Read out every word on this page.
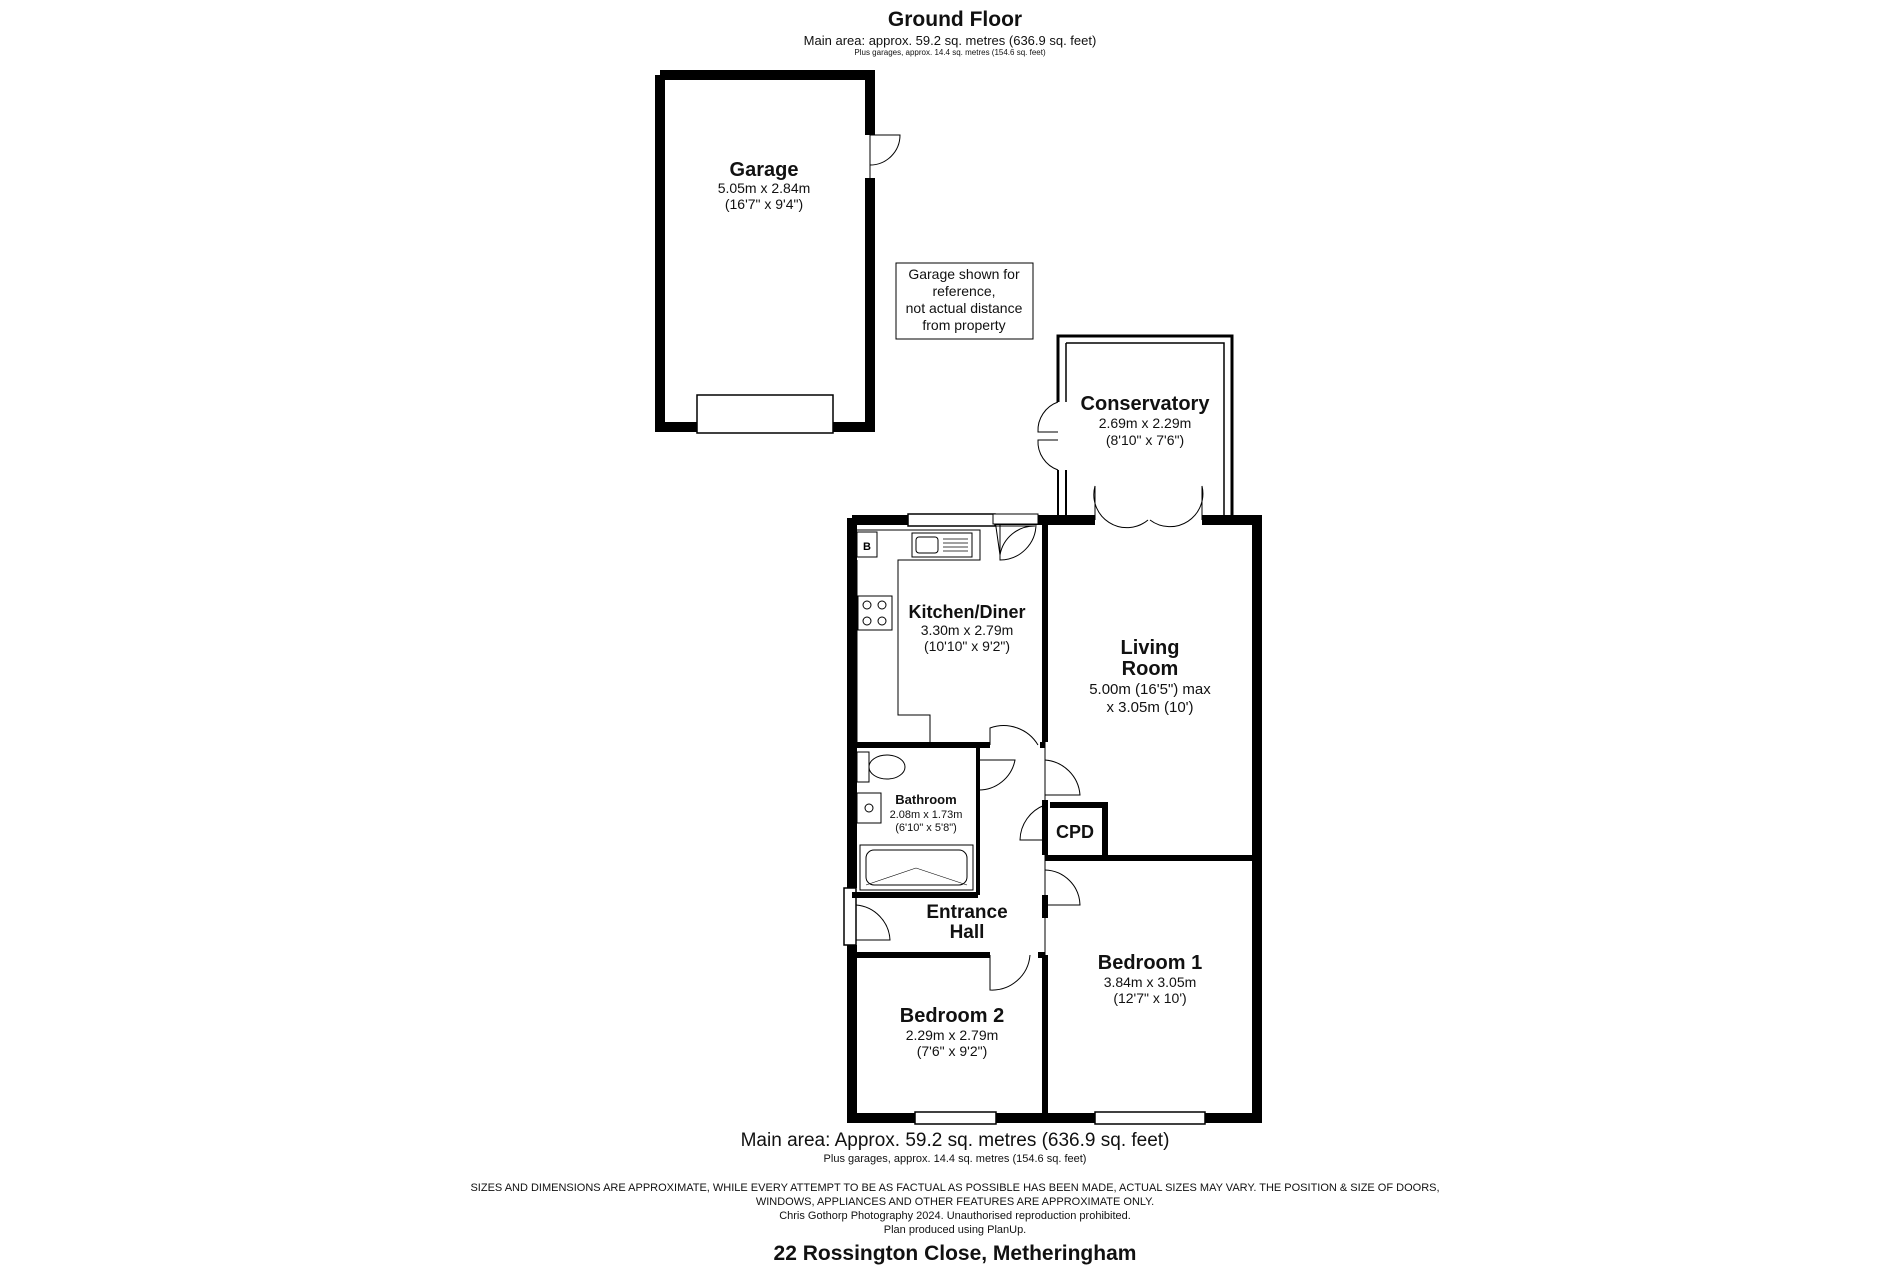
Ground Floor
Main area: approx. 59.2 sq. metres (636.9 sq. feet)
Plus garages, approx. 14.4 sq. metres (154.6 sq. feet)
Garage
5.05m x 2.84m
(16'7" x 9'4")
Garage shown for
reference,
not actual distance
from property
Conservatory
2.69m x 2.29m
(8'10" x 7'6")
B
Kitchen/Diner
3.30m x 2.79m
(10'10" x 9'2")	Living
Room
5.00m (16'5") max
x 3.05m (10')
Bathroom
2.08m x 1.73m
(6'10" x 5'8")	CPD
Entrance
Hall
Bedroom 1
3.84m x 3.05m
(12'7" x 10')
Bedroom 2
2.29m x 2.79m
(7'6" x 9'2")
Main area: Approx. 59.2 sq. metres (636.9 sq. feet)
Plus garages, approx. 14.4 sq. metres (154.6 sq. feet)
SIZES AND DIMENSIONS ARE APPROXIMATE, WHILE EVERY ATTEMPT TO BE AS FACTUAL AS POSSIBLE HAS BEEN MADE, ACTUAL SIZES MAY VARY. THE POSITION & SIZE OF DOORS,
WINDOWS, APPLIANCES AND OTHER FEATURES ARE APPROXIMATE ONLY.
Chris Gothorp Photography 2024. Unauthorised reproduction prohibited.
Plan produced using PlanUp.
22 Rossington Close, Metheringham
